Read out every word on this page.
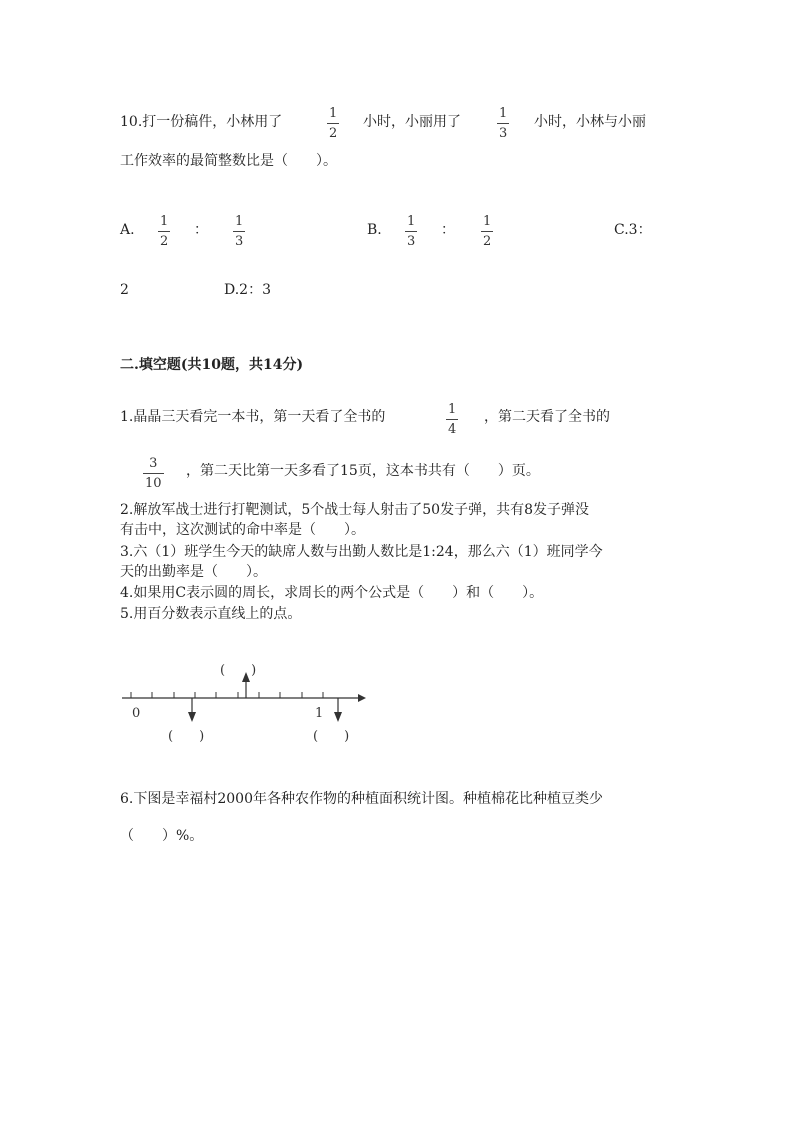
10.打一份稿件，小林用了
1
2
小时，小丽用了
1
3
小时，小林与小丽
工作效率的最简整数比是（　　）。
A.
1
2
：
1
3
B.
1
3
：
1
2
C.3：
2	D.2：3
二.填空题(共10题，共14分)
1.晶晶三天看完一本书，第一天看了全书的	1
4
，第二天看了全书的
3
10
，第二天比第一天多看了15页，这本书共有（　　）页。
2.解放军战士进行打靶测试，5个战士每人射击了50发子弹，共有8发子弹没
有击中，这次测试的命中率是（　　）。
3.六（1）班学生今天的缺席人数与出勤人数比是1:24，那么六（1）班同学今
天的出勤率是（　　）。
4.如果用C表示圆的周长，求周长的两个公式是（　　）和（　　）。
5.用百分数表示直线上的点。
0	1
(　　)
(　　)	(　　)
6.下图是幸福村2000年各种农作物的种植面积统计图。种植棉花比种植豆类少
（　　）%。
